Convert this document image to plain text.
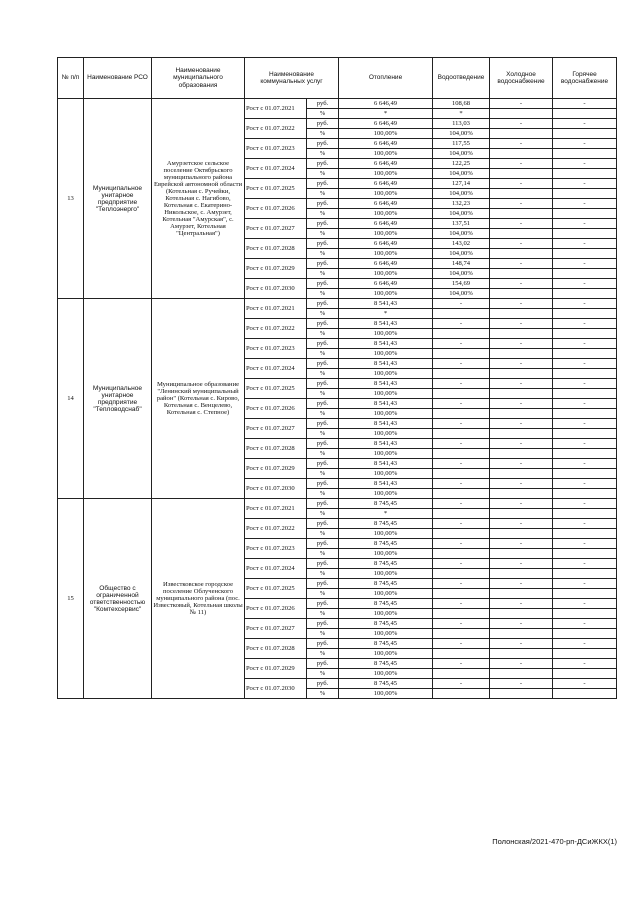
№ п/п	Наименование РСО	Наименование муниципального образования	Наименование коммунальных услуг		Отопление	Водоотведение	Холодное водоснабжение	Горячее водоснабжение
13	Муниципальное унитарное предприятие "Теплоэнерго"	Амурзетское сельское поселение Октябрьского муниципального района Еврейской автономной области (Котельная с. Ручейки, Котельная с. Нагибово, Котельная с. Екатерино-Никольское, с. Амурзет, Котельная "Амурская", с. Амурзет, Котельная "Центральная")	Рост с 01.07.2021	руб.	6 646,49	108,68	-	-
				%	*	*		
			Рост с 01.07.2022	руб.	6 646,49	113,03	-	-
				%	100,00%	104,00%		
			Рост с 01.07.2023	руб.	6 646,49	117,55	-	-
				%	100,00%	104,00%		
			Рост с 01.07.2024	руб.	6 646,49	122,25	-	-
				%	100,00%	104,00%		
			Рост с 01.07.2025	руб.	6 646,49	127,14	-	-
				%	100,00%	104,00%		
			Рост с 01.07.2026	руб.	6 646,49	132,23	-	-
				%	100,00%	104,00%		
			Рост с 01.07.2027	руб.	6 646,49	137,51	-	-
				%	100,00%	104,00%		
			Рост с 01.07.2028	руб.	6 646,49	143,02	-	-
				%	100,00%	104,00%		
			Рост с 01.07.2029	руб.	6 646,49	148,74	-	-
				%	100,00%	104,00%		
			Рост с 01.07.2030	руб.	6 646,49	154,69	-	-
				%	100,00%	104,00%		
14	Муниципальное унитарное предприятие "Тепловодснаб"	Муниципальное образование "Ленинский муниципальный район" (Котельная с. Кирово, Котельная с. Венцелево, Котельная с. Степное)	Рост с 01.07.2021	руб.	8 541,43	-	-	-
				%	*			
			Рост с 01.07.2022	руб.	8 541,43	-	-	-
				%	100,00%			
			Рост с 01.07.2023	руб.	8 541,43	-	-	-
				%	100,00%			
			Рост с 01.07.2024	руб.	8 541,43	-	-	-
				%	100,00%			
			Рост с 01.07.2025	руб.	8 541,43	-	-	-
				%	100,00%			
			Рост с 01.07.2026	руб.	8 541,43	-	-	-
				%	100,00%			
			Рост с 01.07.2027	руб.	8 541,43	-	-	-
				%	100,00%			
			Рост с 01.07.2028	руб.	8 541,43	-	-	-
				%	100,00%			
			Рост с 01.07.2029	руб.	8 541,43	-	-	-
				%	100,00%			
			Рост с 01.07.2030	руб.	8 541,43	-	-	-
				%	100,00%			
15	Общество с ограниченной ответственностью "Комтехсервис"	Известковское городское поселение Облученского муниципального района (пос. Известковый, Котельная школы № 11)	Рост с 01.07.2021	руб.	8 745,45	-	-	-
				%	*			
			Рост с 01.07.2022	руб.	8 745,45	-	-	-
				%	100,00%			
			Рост с 01.07.2023	руб.	8 745,45	-	-	-
				%	100,00%			
			Рост с 01.07.2024	руб.	8 745,45	-	-	-
				%	100,00%			
			Рост с 01.07.2025	руб.	8 745,45	-	-	-
				%	100,00%			
			Рост с 01.07.2026	руб.	8 745,45	-	-	-
				%	100,00%			
			Рост с 01.07.2027	руб.	8 745,45	-	-	-
				%	100,00%			
			Рост с 01.07.2028	руб.	8 745,45	-	-	-
				%	100,00%			
			Рост с 01.07.2029	руб.	8 745,45	-	-	-
				%	100,00%			
			Рост с 01.07.2030	руб.	8 745,45	-	-	-
				%	100,00%			
Полонская/2021-470-рп-ДСиЖКХ(1)
